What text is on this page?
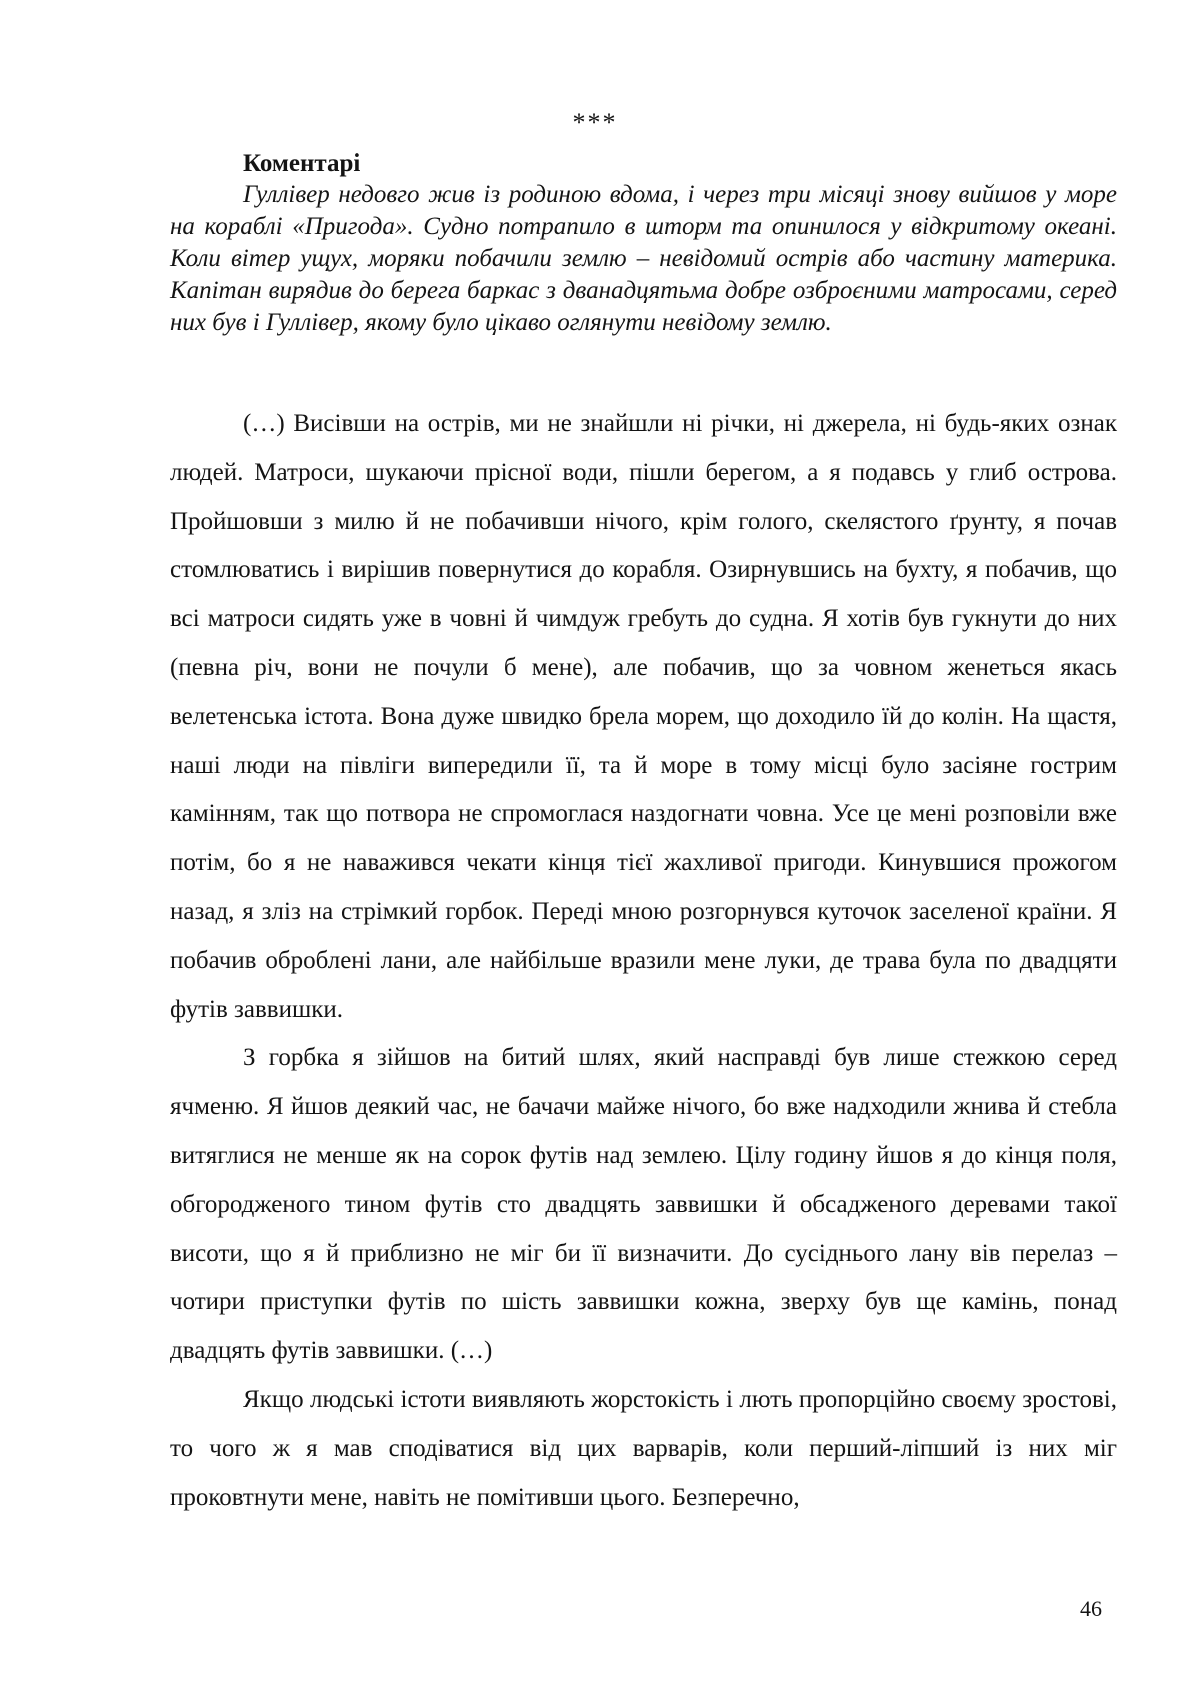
***
Коментарі

Гуллівер недовго жив із родиною вдома, і через три місяці знову вийшов у море на кораблі «Пригода». Судно потрапило в шторм та опинилося у відкритому океані. Коли вітер ущух, моряки побачили землю – невідомий острів або частину материка. Капітан вирядив до берега баркас з дванадцятьма добре озброєними матросами, серед них був і Гуллівер, якому було цікаво оглянути невідому землю.

(…) Висівши на острів, ми не знайшли ні річки, ні джерела, ні будь-яких ознак людей. Матроси, шукаючи прісної води, пішли берегом, а я подавсь у глиб острова. Пройшовши з милю й не побачивши нічого, крім голого, скелястого ґрунту, я почав стомлюватись і вирішив повернутися до корабля. Озирнувшись на бухту, я побачив, що всі матроси сидять уже в човні й чимдуж гребуть до судна. Я хотів був гукнути до них (певна річ, вони не почули б мене), але побачив, що за човном женеться якась велетенська істота. Вона дуже швидко брела морем, що доходило їй до колін. На щастя, наші люди на півліги випередили її, та й море в тому місці було засіяне гострим камінням, так що потвора не спромоглася наздогнати човна. Усе це мені розповіли вже потім, бо я не наважився чекати кінця тієї жахливої пригоди. Кинувшися прожогом назад, я зліз на стрімкий горбок. Переді мною розгорнувся куточок заселеної країни. Я побачив оброблені лани, але найбільше вразили мене луки, де трава була по двадцяти футів заввишки.

З горбка я зійшов на битий шлях, який насправді був лише стежкою серед ячменю. Я йшов деякий час, не бачачи майже нічого, бо вже надходили жнива й стебла витяглися не менше як на сорок футів над землею. Цілу годину йшов я до кінця поля, обгородженого тином футів сто двадцять заввишки й обсадженого деревами такої висоти, що я й приблизно не міг би її визначити. До сусіднього лану вів перелаз – чотири приступки футів по шість заввишки кожна, зверху був ще камінь, понад двадцять футів заввишки. (…)

Якщо людські істоти виявляють жорстокість і лють пропорційно своєму зростові, то чого ж я мав сподіватися від цих варварів, коли перший-ліпший із них міг проковтнути мене, навіть не помітивши цього. Безперечно,

46
